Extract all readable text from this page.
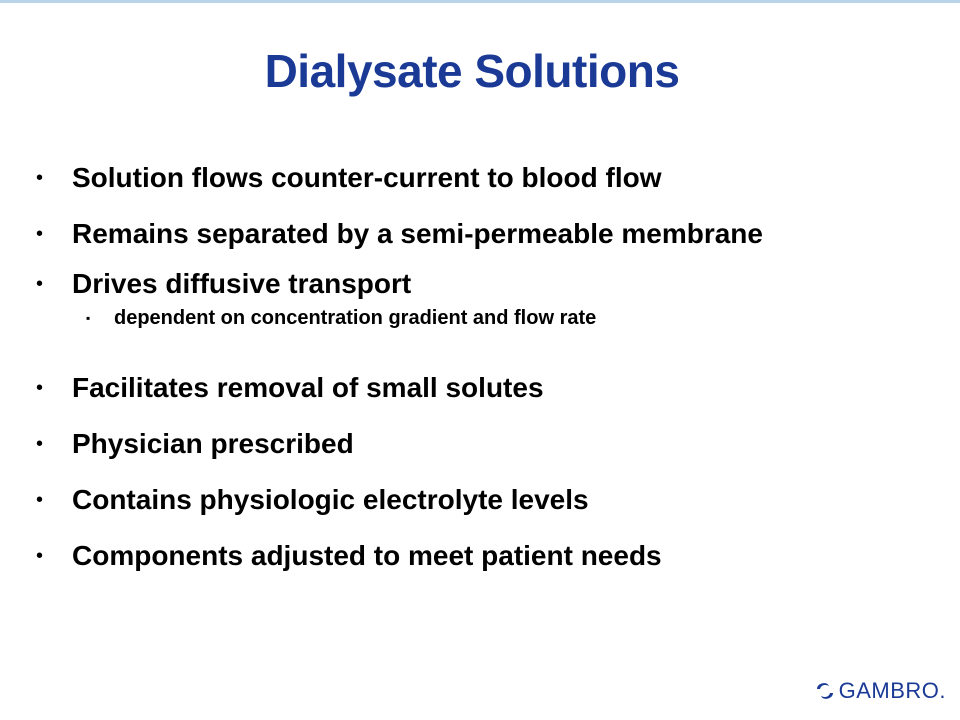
Dialysate Solutions
•	Solution flows counter-current to blood flow
•	Remains separated by a semi-permeable membrane
•	Drives diffusive transport
▪	dependent on concentration gradient and flow rate
•	Facilitates removal of small solutes
•	Physician prescribed
•	Contains physiologic electrolyte levels
•	Components adjusted to meet patient needs
GAMBRO.
